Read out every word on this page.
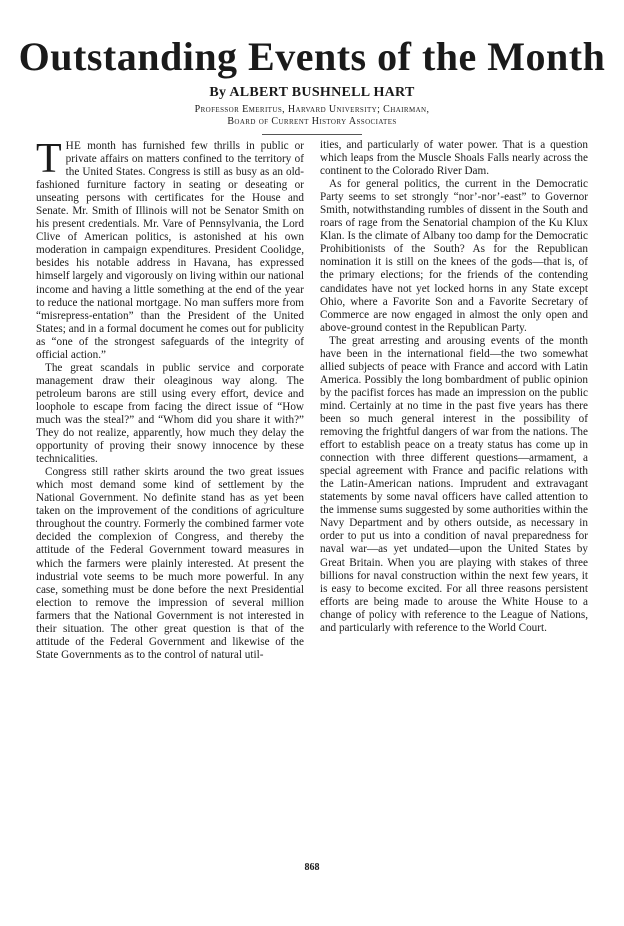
Outstanding Events of the Month
By ALBERT BUSHNELL HART
Professor Emeritus, Harvard University; Chairman,
Board of Current History Associates

THE month has furnished few thrills in public or private affairs on matters confined to the territory of the United States. Congress is still as busy as an old-fashioned furniture factory in seating or deseating or unseating persons with certificates for the House and Senate. Mr. Smith of Illinois will not be Senator Smith on his present credentials. Mr. Vare of Pennsylvania, the Lord Clive of American politics, is astonished at his own moderation in campaign expenditures. President Coolidge, besides his notable address in Havana, has expressed himself largely and vigorously on living within our national income and having a little something at the end of the year to reduce the national mortgage. No man suffers more from “misrepress-entation” than the President of the United States; and in a formal document he comes out for publicity as “one of the strongest safeguards of the integrity of official action.”

The great scandals in public service and corporate management draw their oleaginous way along. The petroleum barons are still using every effort, device and loophole to escape from facing the direct issue of “How much was the steal?” and “Whom did you share it with?” They do not realize, apparently, how much they delay the opportunity of proving their snowy innocence by these technicalities.

Congress still rather skirts around the two great issues which most demand some kind of settlement by the National Government. No definite stand has as yet been taken on the improvement of the conditions of agriculture throughout the country. Formerly the combined farmer vote decided the complexion of Congress, and thereby the attitude of the Federal Government toward measures in which the farmers were plainly interested. At present the industrial vote seems to be much more powerful. In any case, something must be done before the next Presidential election to remove the impression of several million farmers that the National Government is not interested in their situation. The other great question is that of the attitude of the Federal Government and likewise of the State Governments as to the control of natural util-

ities, and particularly of water power. That is a question which leaps from the Muscle Shoals Falls nearly across the continent to the Colorado River Dam.

As for general politics, the current in the Democratic Party seems to set strongly “nor’-nor’-east” to Governor Smith, notwithstanding rumbles of dissent in the South and roars of rage from the Senatorial champion of the Ku Klux Klan. Is the climate of Albany too damp for the Democratic Prohibitionists of the South? As for the Republican nomination it is still on the knees of the gods—that is, of the primary elections; for the friends of the contending candidates have not yet locked horns in any State except Ohio, where a Favorite Son and a Favorite Secretary of Commerce are now engaged in almost the only open and above-ground contest in the Republican Party.

The great arresting and arousing events of the month have been in the international field—the two somewhat allied subjects of peace with France and accord with Latin America. Possibly the long bombardment of public opinion by the pacifist forces has made an impression on the public mind. Certainly at no time in the past five years has there been so much general interest in the possibility of removing the frightful dangers of war from the nations. The effort to establish peace on a treaty status has come up in connection with three different questions—armament, a special agreement with France and pacific relations with the Latin-American nations. Imprudent and extravagant statements by some naval officers have called attention to the immense sums suggested by some authorities within the Navy Department and by others outside, as necessary in order to put us into a condition of naval preparedness for naval war—as yet undated—upon the United States by Great Britain. When you are playing with stakes of three billions for naval construction within the next few years, it is easy to become excited. For all three reasons persistent efforts are being made to arouse the White House to a change of policy with reference to the League of Nations, and particularly with reference to the World Court.

868
